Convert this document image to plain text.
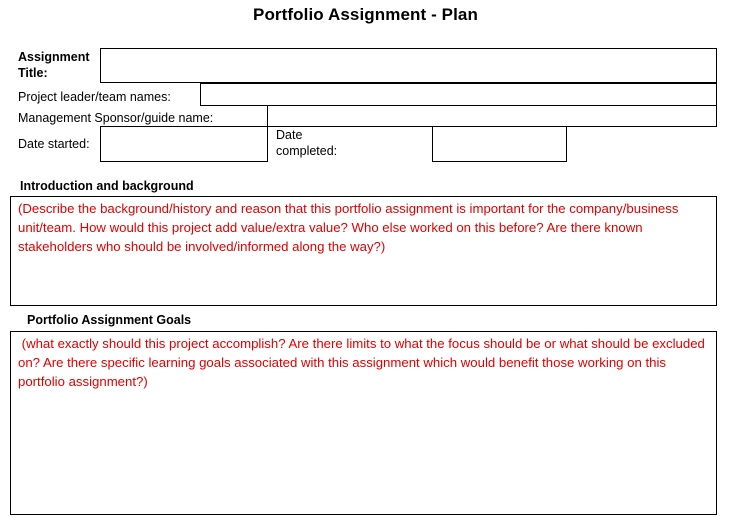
Portfolio Assignment - Plan
Assignment Title:
Project leader/team names:
Management Sponsor/guide name:
Date started:
Date completed:
Introduction and background
(Describe the background/history and reason that this portfolio assignment is important for the company/business unit/team. How would this project add value/extra value? Who else worked on this before? Are there known stakeholders who should be involved/informed along the way?)
Portfolio Assignment Goals
(what exactly should this project accomplish? Are there limits to what the focus should be or what should be excluded on? Are there specific learning goals associated with this assignment which would benefit those working on this portfolio assignment?)
